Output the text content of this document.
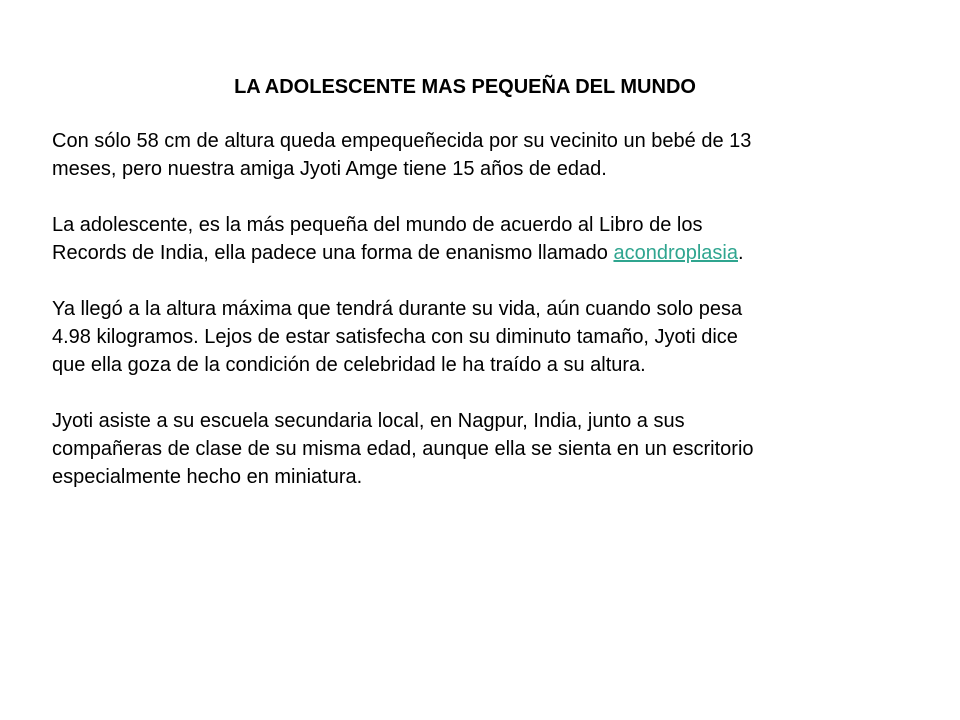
LA ADOLESCENTE MAS PEQUEÑA DEL MUNDO

Con sólo 58 cm de altura queda empequeñecida por su vecinito un bebé de 13
meses, pero nuestra amiga Jyoti Amge tiene 15 años de edad.

La adolescente, es la más pequeña del mundo de acuerdo al Libro de los
Records de India, ella padece una forma de enanismo llamado acondroplasia.

Ya llegó a la altura máxima que tendrá durante su vida, aún cuando solo pesa
4.98 kilogramos. Lejos de estar satisfecha con su diminuto tamaño, Jyoti dice
que ella goza de la condición de celebridad le ha traído a su altura.

Jyoti asiste a su escuela secundaria local, en Nagpur, India, junto a sus
compañeras de clase de su misma edad, aunque ella se sienta en un escritorio
especialmente hecho en miniatura.
